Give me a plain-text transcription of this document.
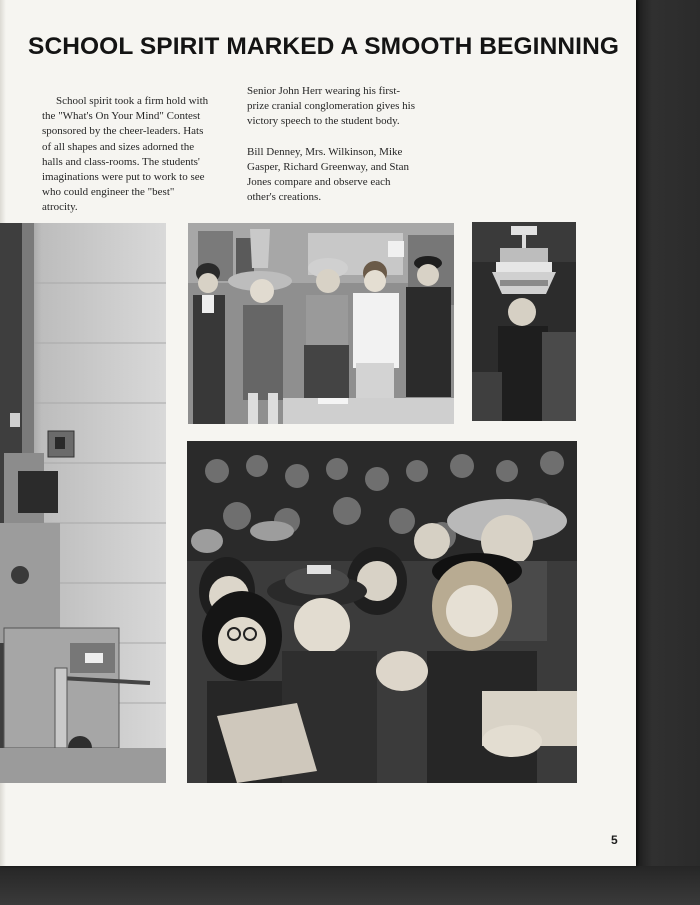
SCHOOL SPIRIT MARKED A SMOOTH BEGINNING

School spirit took a firm hold with the "What's On Your Mind" Contest sponsored by the cheer-leaders. Hats of all shapes and sizes adorned the halls and class-rooms. The students' imaginations were put to work to see who could engineer the "best" atrocity.

Senior John Herr wearing his first-prize cranial conglomeration gives his victory speech to the student body.

Bill Denney, Mrs. Wilkinson, Mike Gasper, Richard Greenway, and Stan Jones compare and observe each other's creations.

5
